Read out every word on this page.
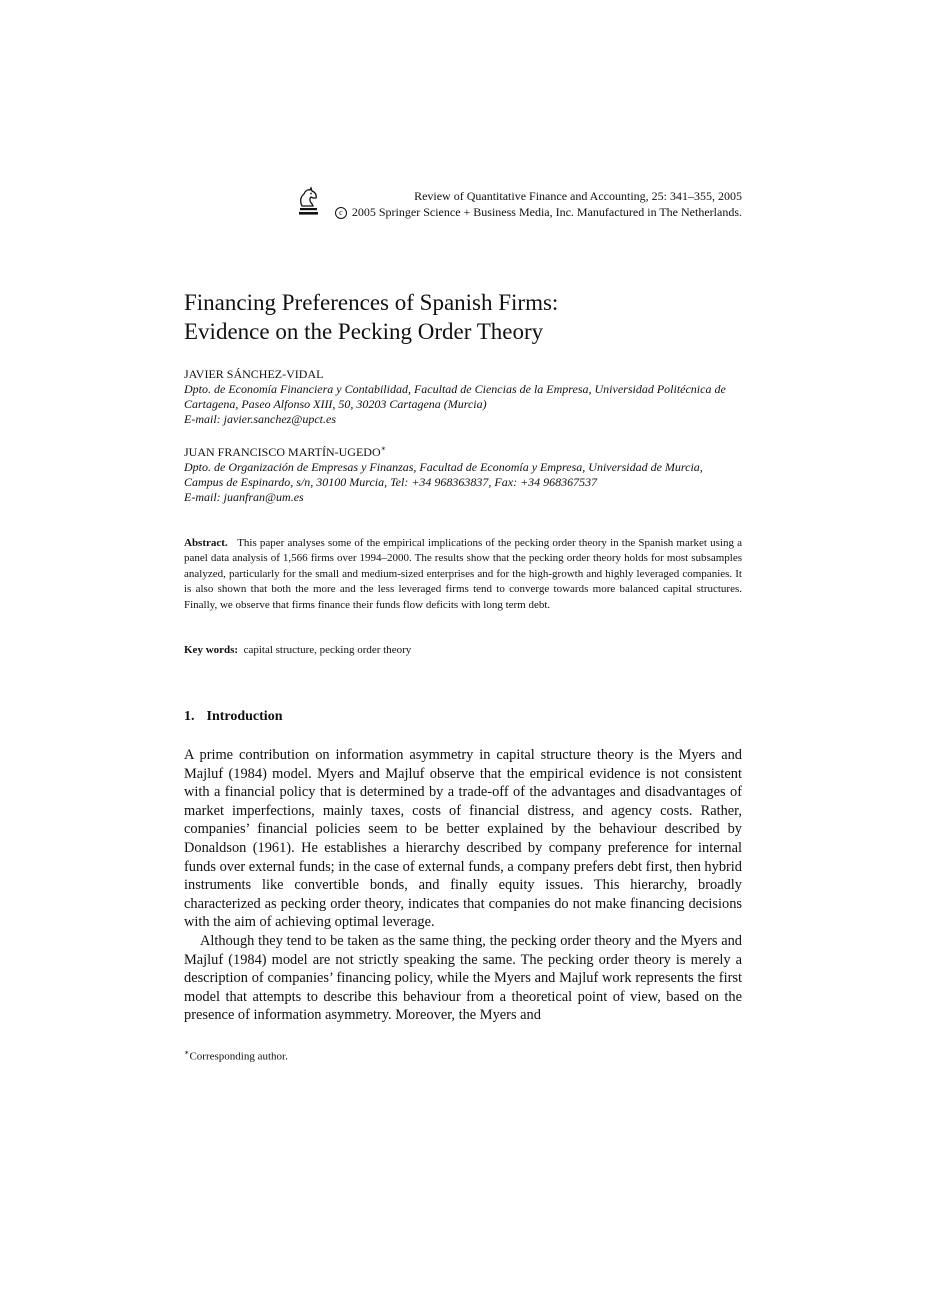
Review of Quantitative Finance and Accounting, 25: 341–355, 2005
c 2005 Springer Science + Business Media, Inc. Manufactured in The Netherlands.
Financing Preferences of Spanish Firms:
Evidence on the Pecking Order Theory
JAVIER SÁNCHEZ-VIDAL
Dpto. de Economía Financiera y Contabilidad, Facultad de Ciencias de la Empresa, Universidad Politécnica de Cartagena, Paseo Alfonso XIII, 50, 30203 Cartagena (Murcia)
E-mail: javier.sanchez@upct.es
JUAN FRANCISCO MARTÍN-UGEDO∗
Dpto. de Organización de Empresas y Finanzas, Facultad de Economía y Empresa, Universidad de Murcia, Campus de Espinardo, s/n, 30100 Murcia, Tel: +34 968363837, Fax: +34 968367537
E-mail: juanfran@um.es
Abstract. This paper analyses some of the empirical implications of the pecking order theory in the Spanish market using a panel data analysis of 1,566 firms over 1994–2000. The results show that the pecking order theory holds for most subsamples analyzed, particularly for the small and medium-sized enterprises and for the high-growth and highly leveraged companies. It is also shown that both the more and the less leveraged firms tend to converge towards more balanced capital structures. Finally, we observe that firms finance their funds flow deficits with long term debt.
Key words: capital structure, pecking order theory
1. Introduction

A prime contribution on information asymmetry in capital structure theory is the Myers and Majluf (1984) model. Myers and Majluf observe that the empirical evidence is not consistent with a financial policy that is determined by a trade-off of the advantages and disadvantages of market imperfections, mainly taxes, costs of financial distress, and agency costs. Rather, companies’ financial policies seem to be better explained by the behaviour described by Donaldson (1961). He establishes a hierarchy described by company preference for internal funds over external funds; in the case of external funds, a company prefers debt first, then hybrid instruments like convertible bonds, and finally equity issues. This hierarchy, broadly characterized as pecking order theory, indicates that companies do not make financing decisions with the aim of achieving optimal leverage.

Although they tend to be taken as the same thing, the pecking order theory and the Myers and Majluf (1984) model are not strictly speaking the same. The pecking order theory is merely a description of companies’ financing policy, while the Myers and Majluf work represents the first model that attempts to describe this behaviour from a theoretical point of view, based on the presence of information asymmetry. Moreover, the Myers and

∗Corresponding author.
